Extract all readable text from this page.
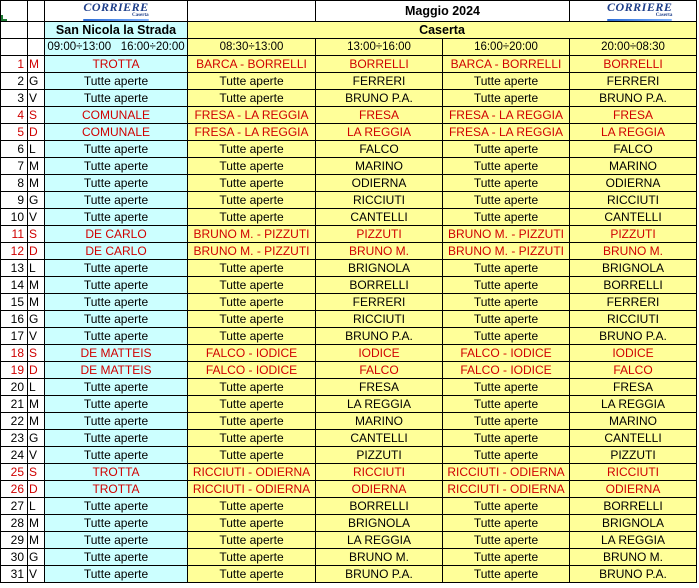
		CORRIERE
Caserta		Maggio 2024		CORRIERE
Caserta

		San Nicola la Strada	Caserta			
		09:00÷13:00   16:00÷20:00	08:30÷13:00	13:00÷16:00	16:00÷20:00	20:00÷08:30
1	M	TROTTA	BARCA - BORRELLI	BORRELLI	BARCA - BORRELLI	BORRELLI
2	G	Tutte aperte	Tutte aperte	FERRERI	Tutte aperte	FERRERI
3	V	Tutte aperte	Tutte aperte	BRUNO P.A.	Tutte aperte	BRUNO P.A.
4	S	COMUNALE	FRESA - LA REGGIA	FRESA	FRESA - LA REGGIA	FRESA
5	D	COMUNALE	FRESA - LA REGGIA	LA REGGIA	FRESA - LA REGGIA	LA REGGIA
6	L	Tutte aperte	Tutte aperte	FALCO	Tutte aperte	FALCO
7	M	Tutte aperte	Tutte aperte	MARINO	Tutte aperte	MARINO
8	M	Tutte aperte	Tutte aperte	ODIERNA	Tutte aperte	ODIERNA
9	G	Tutte aperte	Tutte aperte	RICCIUTI	Tutte aperte	RICCIUTI
10	V	Tutte aperte	Tutte aperte	CANTELLI	Tutte aperte	CANTELLI
11	S	DE CARLO	BRUNO M. - PIZZUTI	PIZZUTI	BRUNO M. - PIZZUTI	PIZZUTI
12	D	DE CARLO	BRUNO M. - PIZZUTI	BRUNO M.	BRUNO M. - PIZZUTI	BRUNO M.
13	L	Tutte aperte	Tutte aperte	BRIGNOLA	Tutte aperte	BRIGNOLA
14	M	Tutte aperte	Tutte aperte	BORRELLI	Tutte aperte	BORRELLI
15	M	Tutte aperte	Tutte aperte	FERRERI	Tutte aperte	FERRERI
16	G	Tutte aperte	Tutte aperte	RICCIUTI	Tutte aperte	RICCIUTI
17	V	Tutte aperte	Tutte aperte	BRUNO P.A.	Tutte aperte	BRUNO P.A.
18	S	DE MATTEIS	FALCO - IODICE	IODICE	FALCO - IODICE	IODICE
19	D	DE MATTEIS	FALCO - IODICE	FALCO	FALCO - IODICE	FALCO
20	L	Tutte aperte	Tutte aperte	FRESA	Tutte aperte	FRESA
21	M	Tutte aperte	Tutte aperte	LA REGGIA	Tutte aperte	LA REGGIA
22	M	Tutte aperte	Tutte aperte	MARINO	Tutte aperte	MARINO
23	G	Tutte aperte	Tutte aperte	CANTELLI	Tutte aperte	CANTELLI
24	V	Tutte aperte	Tutte aperte	PIZZUTI	Tutte aperte	PIZZUTI
25	S	TROTTA	RICCIUTI - ODIERNA	RICCIUTI	RICCIUTI - ODIERNA	RICCIUTI
26	D	TROTTA	RICCIUTI - ODIERNA	ODIERNA	RICCIUTI - ODIERNA	ODIERNA
27	L	Tutte aperte	Tutte aperte	BORRELLI	Tutte aperte	BORRELLI
28	M	Tutte aperte	Tutte aperte	BRIGNOLA	Tutte aperte	BRIGNOLA
29	M	Tutte aperte	Tutte aperte	LA REGGIA	Tutte aperte	LA REGGIA
30	G	Tutte aperte	Tutte aperte	BRUNO M.	Tutte aperte	BRUNO M.
31	V	Tutte aperte	Tutte aperte	BRUNO P.A.	Tutte aperte	BRUNO P.A.
